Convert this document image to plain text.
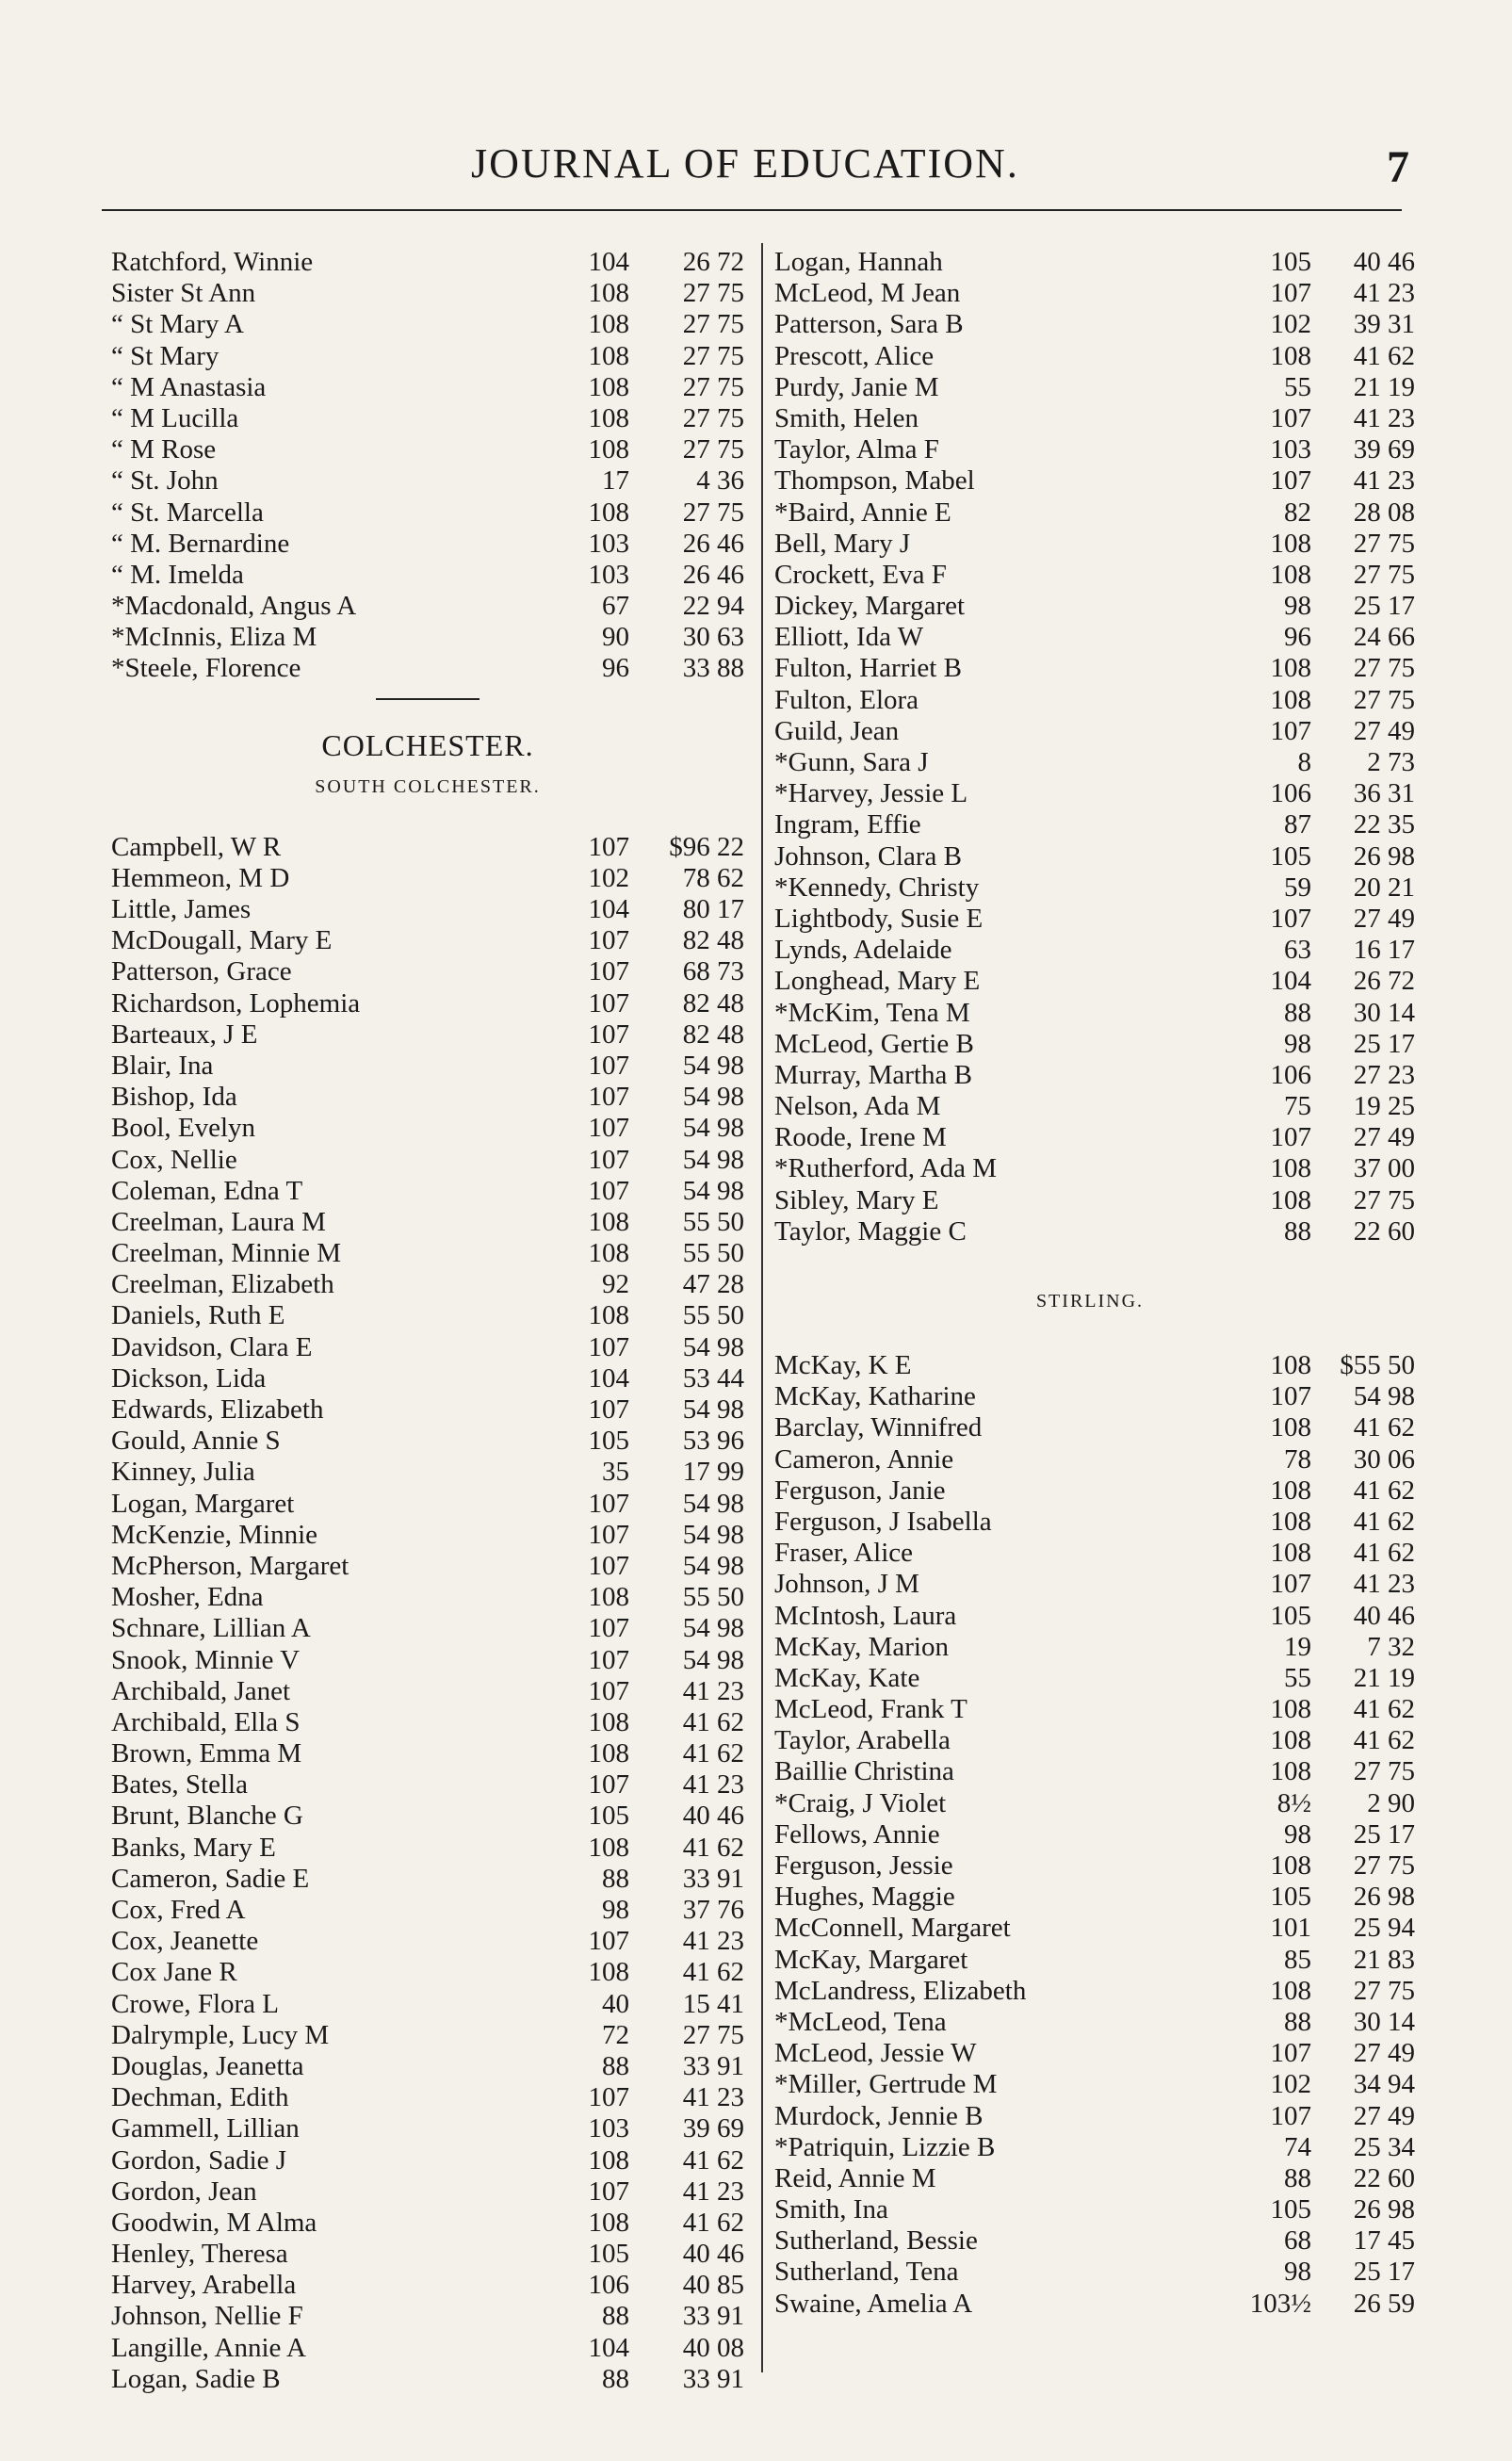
JOURNAL OF EDUCATION.	7
Ratchford, Winnie	104	26 72
Sister St Ann	108	27 75
“ St Mary A	108	27 75
“ St Mary	108	27 75
“ M Anastasia	108	27 75
“ M Lucilla	108	27 75
“ M Rose	108	27 75
“ St. John	17	4 36
“ St. Marcella	108	27 75
“ M. Bernardine	103	26 46
“ M. Imelda	103	26 46
*Macdonald, Angus A	67	22 94
*McInnis, Eliza M	90	30 63
*Steele, Florence	96	33 88
COLCHESTER.
SOUTH COLCHESTER.
Campbell, W R	107	$96 22
Hemmeon, M D	102	78 62
Little, James	104	80 17
McDougall, Mary E	107	82 48
Patterson, Grace	107	68 73
Richardson, Lophemia	107	82 48
Barteaux, J E	107	82 48
Blair, Ina	107	54 98
Bishop, Ida	107	54 98
Bool, Evelyn	107	54 98
Cox, Nellie	107	54 98
Coleman, Edna T	107	54 98
Creelman, Laura M	108	55 50
Creelman, Minnie M	108	55 50
Creelman, Elizabeth	92	47 28
Daniels, Ruth E	108	55 50
Davidson, Clara E	107	54 98
Dickson, Lida	104	53 44
Edwards, Elizabeth	107	54 98
Gould, Annie S	105	53 96
Kinney, Julia	35	17 99
Logan, Margaret	107	54 98
McKenzie, Minnie	107	54 98
McPherson, Margaret	107	54 98
Mosher, Edna	108	55 50
Schnare, Lillian A	107	54 98
Snook, Minnie V	107	54 98
Archibald, Janet	107	41 23
Archibald, Ella S	108	41 62
Brown, Emma M	108	41 62
Bates, Stella	107	41 23
Brunt, Blanche G	105	40 46
Banks, Mary E	108	41 62
Cameron, Sadie E	88	33 91
Cox, Fred A	98	37 76
Cox, Jeanette	107	41 23
Cox Jane R	108	41 62
Crowe, Flora L	40	15 41
Dalrymple, Lucy M	72	27 75
Douglas, Jeanetta	88	33 91
Dechman, Edith	107	41 23
Gammell, Lillian	103	39 69
Gordon, Sadie J	108	41 62
Gordon, Jean	107	41 23
Goodwin, M Alma	108	41 62
Henley, Theresa	105	40 46
Harvey, Arabella	106	40 85
Johnson, Nellie F	88	33 91
Langille, Annie A	104	40 08
Logan, Sadie B	88	33 91
Logan, Hannah	105	40 46
McLeod, M Jean	107	41 23
Patterson, Sara B	102	39 31
Prescott, Alice	108	41 62
Purdy, Janie M	55	21 19
Smith, Helen	107	41 23
Taylor, Alma F	103	39 69
Thompson, Mabel	107	41 23
*Baird, Annie E	82	28 08
Bell, Mary J	108	27 75
Crockett, Eva F	108	27 75
Dickey, Margaret	98	25 17
Elliott, Ida W	96	24 66
Fulton, Harriet B	108	27 75
Fulton, Elora	108	27 75
Guild, Jean	107	27 49
*Gunn, Sara J	8	2 73
*Harvey, Jessie L	106	36 31
Ingram, Effie	87	22 35
Johnson, Clara B	105	26 98
*Kennedy, Christy	59	20 21
Lightbody, Susie E	107	27 49
Lynds, Adelaide	63	16 17
Longhead, Mary E	104	26 72
*McKim, Tena M	88	30 14
McLeod, Gertie B	98	25 17
Murray, Martha B	106	27 23
Nelson, Ada M	75	19 25
Roode, Irene M	107	27 49
*Rutherford, Ada M	108	37 00
Sibley, Mary E	108	27 75
Taylor, Maggie C	88	22 60
STIRLING.
McKay, K E	108	$55 50
McKay, Katharine	107	54 98
Barclay, Winnifred	108	41 62
Cameron, Annie	78	30 06
Ferguson, Janie	108	41 62
Ferguson, J Isabella	108	41 62
Fraser, Alice	108	41 62
Johnson, J M	107	41 23
McIntosh, Laura	105	40 46
McKay, Marion	19	7 32
McKay, Kate	55	21 19
McLeod, Frank T	108	41 62
Taylor, Arabella	108	41 62
Baillie Christina	108	27 75
*Craig, J Violet	8½	2 90
Fellows, Annie	98	25 17
Ferguson, Jessie	108	27 75
Hughes, Maggie	105	26 98
McConnell, Margaret	101	25 94
McKay, Margaret	85	21 83
McLandress, Elizabeth	108	27 75
*McLeod, Tena	88	30 14
McLeod, Jessie W	107	27 49
*Miller, Gertrude M	102	34 94
Murdock, Jennie B	107	27 49
*Patriquin, Lizzie B	74	25 34
Reid, Annie M	88	22 60
Smith, Ina	105	26 98
Sutherland, Bessie	68	17 45
Sutherland, Tena	98	25 17
Swaine, Amelia A	103½	26 59
